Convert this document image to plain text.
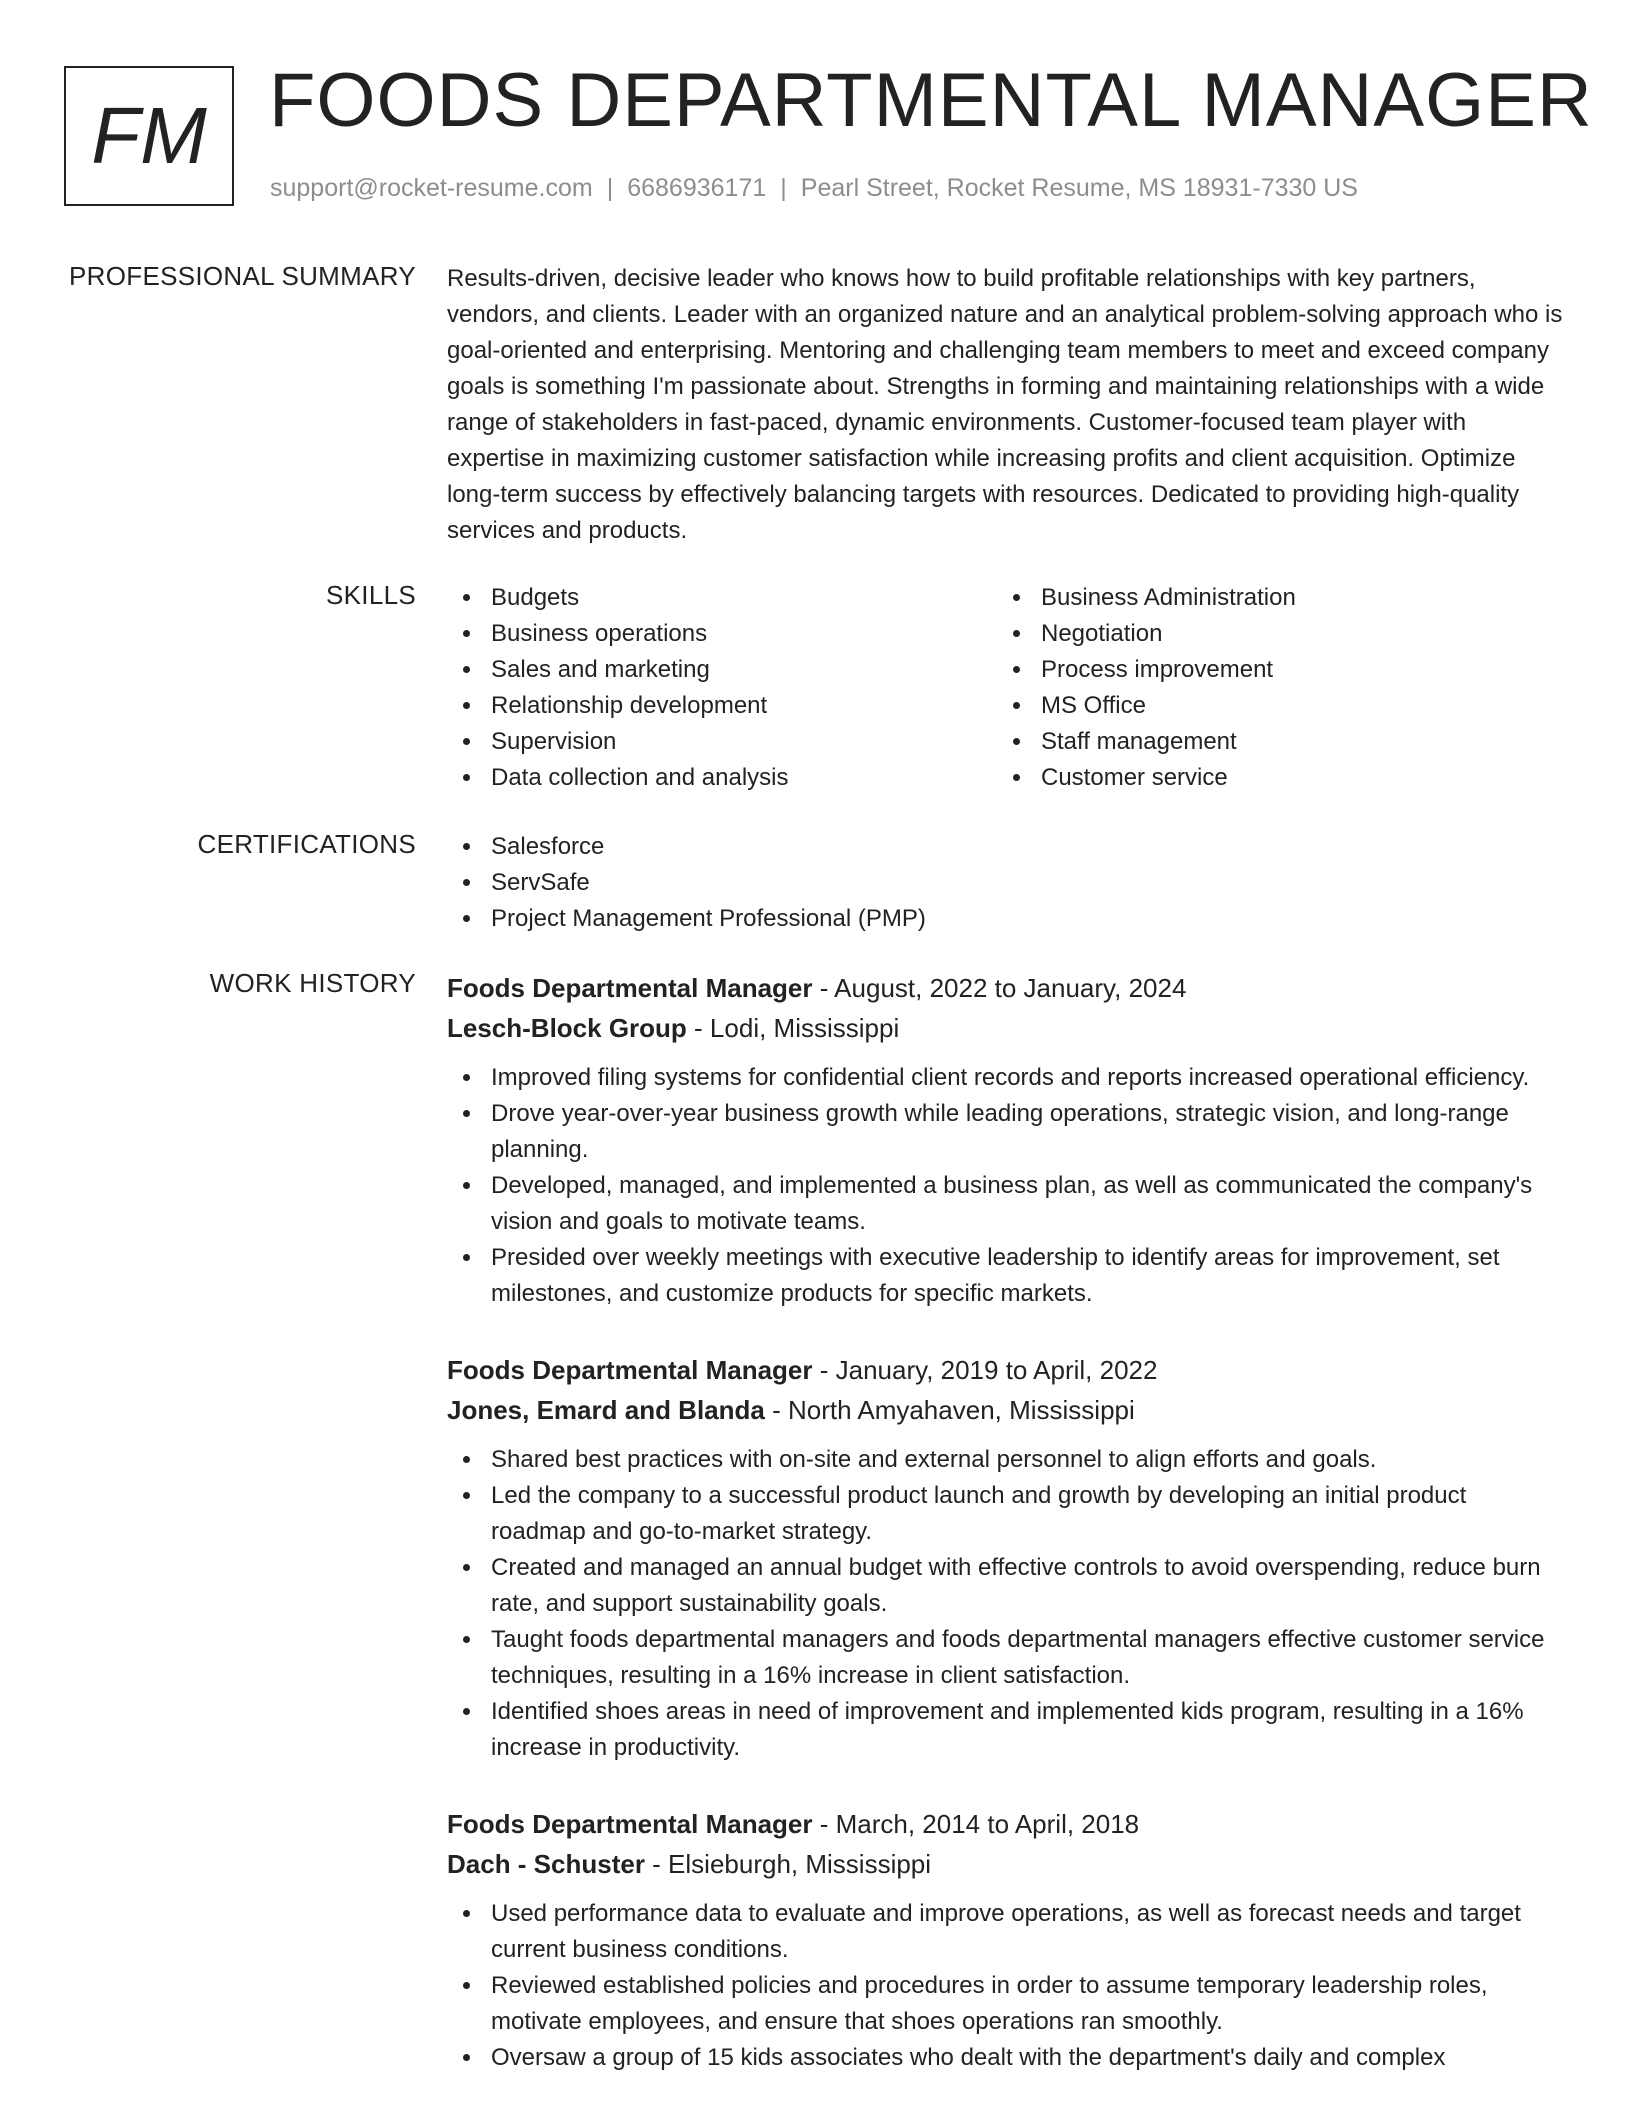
FM FOODS DEPARTMENTAL MANAGER
support@rocket-resume.com | 6686936171 | Pearl Street, Rocket Resume, MS 18931-7330 US
PROFESSIONAL SUMMARY Results-driven, decisive leader who knows how to build profitable relationships with key partners, vendors, and clients. Leader with an organized nature and an analytical problem-solving approach who is goal-oriented and enterprising. Mentoring and challenging team members to meet and exceed company goals is something I'm passionate about. Strengths in forming and maintaining relationships with a wide range of stakeholders in fast-paced, dynamic environments. Customer-focused team player with expertise in maximizing customer satisfaction while increasing profits and client acquisition. Optimize long-term success by effectively balancing targets with resources. Dedicated to providing high-quality services and products.

SKILLS	Budgets
Business operations
Sales and marketing
Relationship development
Supervision
Data collection and analysis
Business Administration
Negotiation
Process improvement
MS Office
Staff management
Customer service
CERTIFICATIONS	Salesforce
ServSafe
Project Management Professional (PMP)
WORK HISTORY Foods Departmental Manager - August, 2022 to January, 2024
Lesch-Block Group - Lodi, Mississippi
Improved filing systems for confidential client records and reports increased operational efficiency.
Drove year-over-year business growth while leading operations, strategic vision, and long-range planning.
Developed, managed, and implemented a business plan, as well as communicated the company's vision and goals to motivate teams.
Presided over weekly meetings with executive leadership to identify areas for improvement, set milestones, and customize products for specific markets.
Foods Departmental Manager - January, 2019 to April, 2022
Jones, Emard and Blanda - North Amyahaven, Mississippi
Shared best practices with on-site and external personnel to align efforts and goals.
Led the company to a successful product launch and growth by developing an initial product roadmap and go-to-market strategy.
Created and managed an annual budget with effective controls to avoid overspending, reduce burn rate, and support sustainability goals.
Taught foods departmental managers and foods departmental managers effective customer service techniques, resulting in a 16% increase in client satisfaction.
Identified shoes areas in need of improvement and implemented kids program, resulting in a 16% increase in productivity.
Foods Departmental Manager - March, 2014 to April, 2018
Dach - Schuster - Elsieburgh, Mississippi
Used performance data to evaluate and improve operations, as well as forecast needs and target current business conditions.
Reviewed established policies and procedures in order to assume temporary leadership roles, motivate employees, and ensure that shoes operations ran smoothly.
Oversaw a group of 15 kids associates who dealt with the department's daily and complex
